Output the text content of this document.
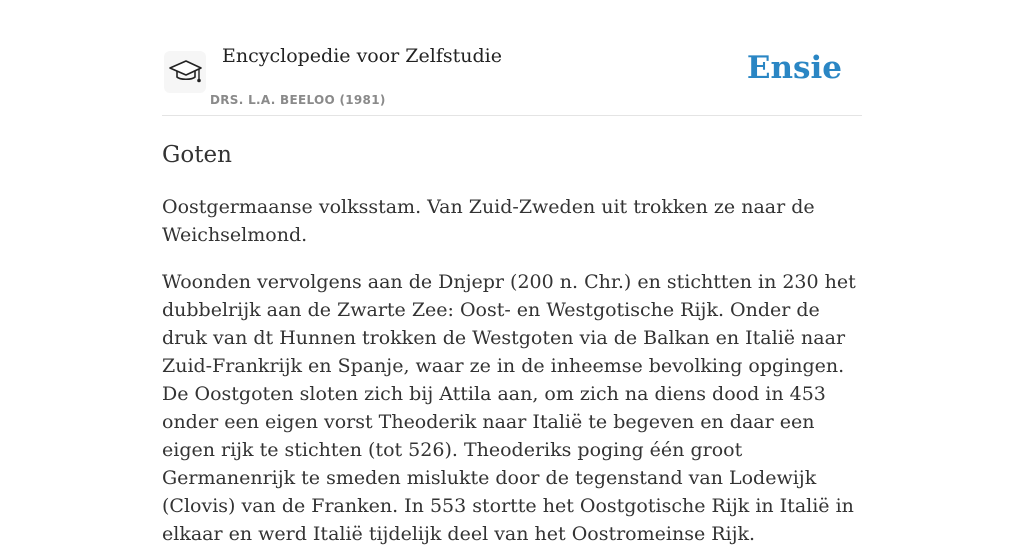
Encyclopedie voor Zelfstudie
DRS. L.A. BEELOO (1981)
Ensie
Goten

Oostgermaanse volksstam. Van Zuid-Zweden uit trokken ze naar de Weichselmond.

Woonden vervolgens aan de Dnjepr (200 n. Chr.) en stichtten in 230 het dubbelrijk aan de Zwarte Zee: Oost- en Westgotische Rijk. Onder de druk van dt Hunnen trokken de Westgoten via de Balkan en Italië naar Zuid-Frankrijk en Spanje, waar ze in de inheemse bevolking opgingen. De Oostgoten sloten zich bij Attila aan, om zich na diens dood in 453 onder een eigen vorst Theoderik naar Italië te begeven en daar een eigen rijk te stichten (tot 526). Theoderiks poging één groot Germanenrijk te smeden mislukte door de tegenstand van Lodewijk (Clovis) van de Franken. In 553 stortte het Oostgotische Rijk in Italië in elkaar en werd Italië tijdelijk deel van het Oostromeinse Rijk.
